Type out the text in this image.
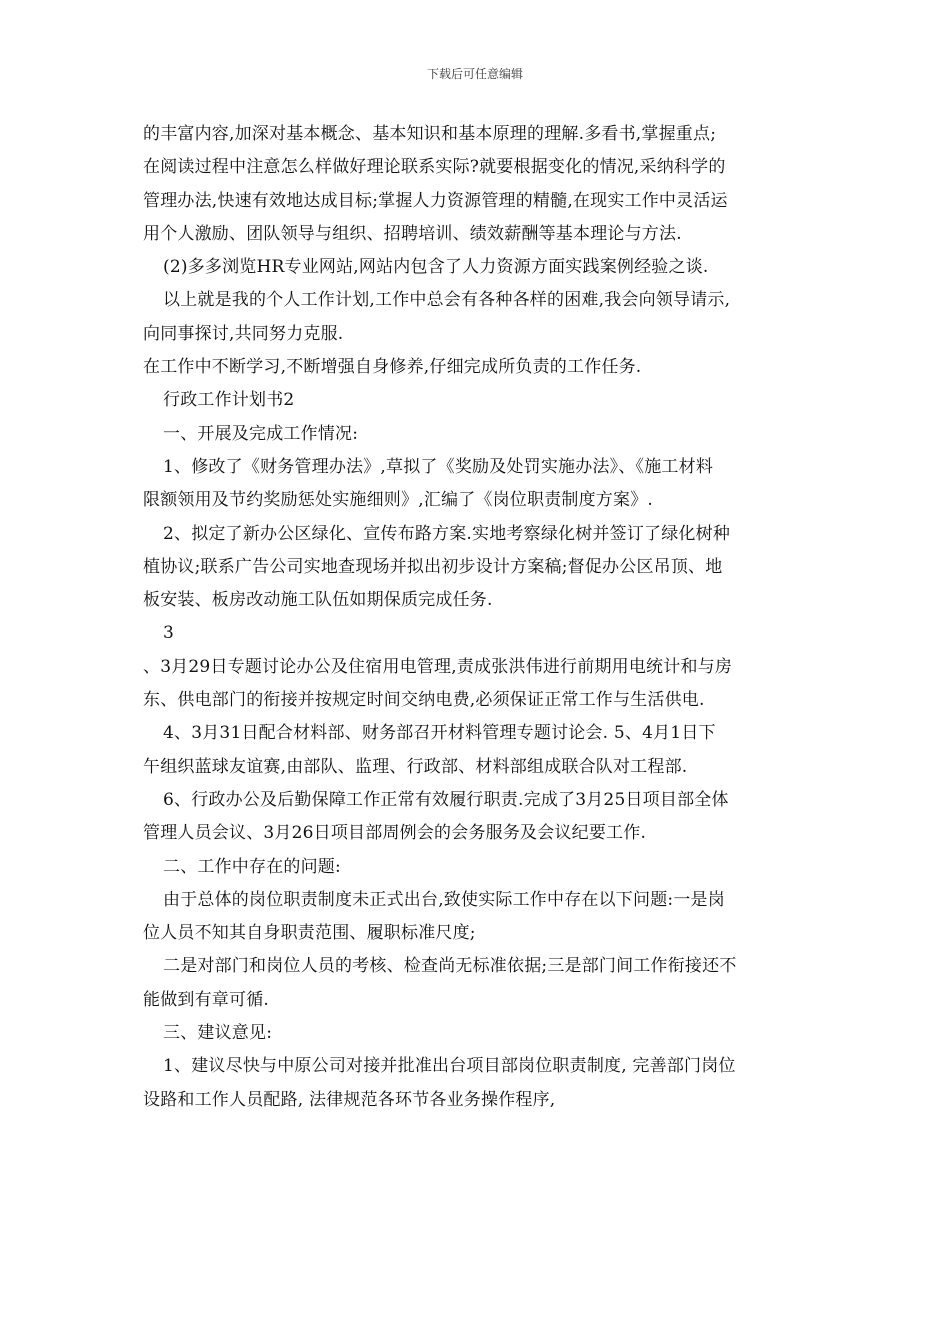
下载后可任意编辑
的丰富内容,加深对基本概念、基本知识和基本原理的理解.多看书,掌握重点;
在阅读过程中注意怎么样做好理论联系实际?就要根据变化的情况,采纳科学的
管理办法,快速有效地达成目标;掌握人力资源管理的精髓,在现实工作中灵活运
用个人激励、团队领导与组织、招聘培训、绩效薪酬等基本理论与方法.
(2)多多浏览HR专业网站,网站内包含了人力资源方面实践案例经验之谈.
以上就是我的个人工作计划,工作中总会有各种各样的困难,我会向领导请示,
向同事探讨,共同努力克服.
在工作中不断学习,不断增强自身修养,仔细完成所负责的工作任务.
行政工作计划书2
一、开展及完成工作情况:
1、修改了《财务管理办法》,草拟了《奖励及处罚实施办法》、《施工材料
限额领用及节约奖励惩处实施细则》,汇编了《岗位职责制度方案》.
2、拟定了新办公区绿化、宣传布路方案.实地考察绿化树并签订了绿化树种
植协议;联系广告公司实地查现场并拟出初步设计方案稿;督促办公区吊顶、地
板安装、板房改动施工队伍如期保质完成任务.
3
、3月29日专题讨论办公及住宿用电管理,责成张洪伟进行前期用电统计和与房
东、供电部门的衔接并按规定时间交纳电费,必须保证正常工作与生活供电.
4、3月31日配合材料部、财务部召开材料管理专题讨论会. 5、4月1日下
午组织蓝球友谊赛,由部队、监理、行政部、材料部组成联合队对工程部.
6、行政办公及后勤保障工作正常有效履行职责.完成了3月25日项目部全体
管理人员会议、3月26日项目部周例会的会务服务及会议纪要工作.
二、工作中存在的问题:
由于总体的岗位职责制度未正式出台,致使实际工作中存在以下问题:一是岗
位人员不知其自身职责范围、履职标准尺度;
二是对部门和岗位人员的考核、检查尚无标准依据;三是部门间工作衔接还不
能做到有章可循.
三、建议意见:
1、建议尽快与中原公司对接并批准出台项目部岗位职责制度, 完善部门岗位
设路和工作人员配路, 法律规范各环节各业务操作程序,
